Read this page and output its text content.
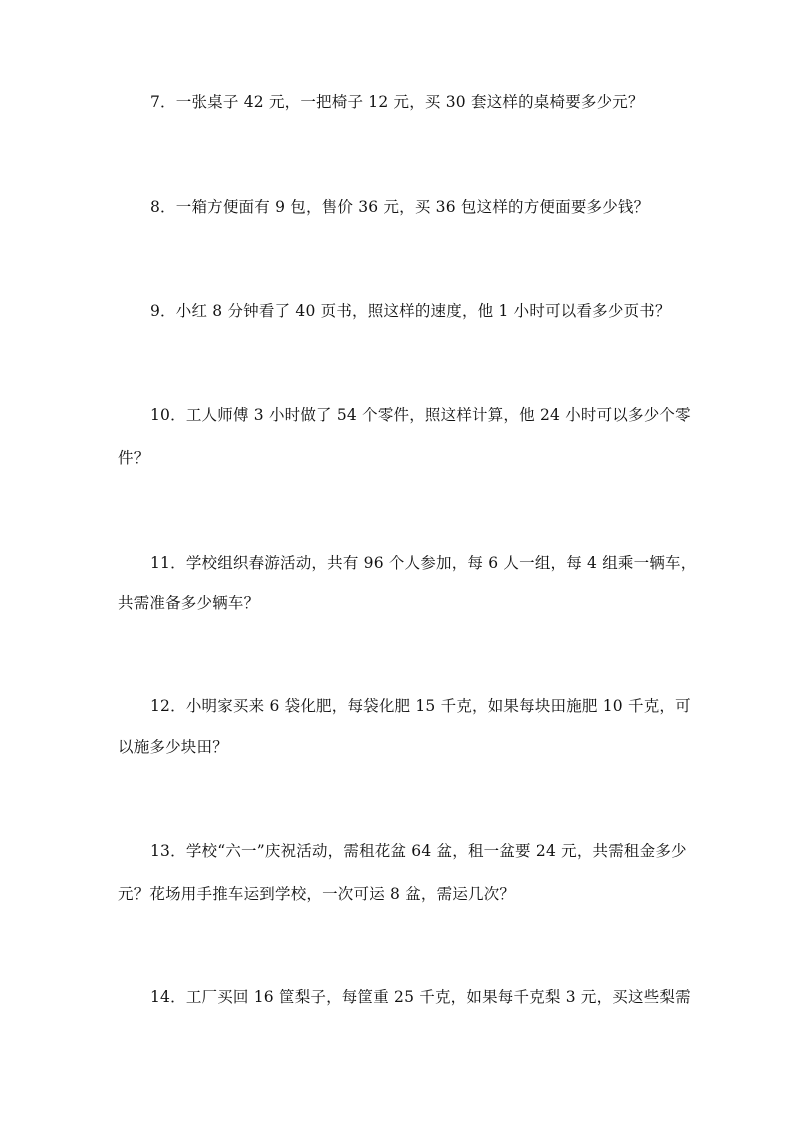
7．一张桌子 42 元，一把椅子 12 元，买 30 套这样的桌椅要多少元？
8．一箱方便面有 9 包，售价 36 元，买 36 包这样的方便面要多少钱？
9．小红 8 分钟看了 40 页书，照这样的速度，他 1 小时可以看多少页书？
10．工人师傅 3 小时做了 54 个零件，照这样计算，他 24 小时可以多少个零
件？
11．学校组织春游活动，共有 96 个人参加，每 6 人一组，每 4 组乘一辆车，
共需准备多少辆车？
12．小明家买来 6 袋化肥，每袋化肥 15 千克，如果每块田施肥 10 千克，可
以施多少块田？
13．学校“六一”庆祝活动，需租花盆 64 盆，租一盆要 24 元，共需租金多少
元？花场用手推车运到学校，一次可运 8 盆，需运几次？
14．工厂买回 16 筐梨子，每筐重 25 千克，如果每千克梨 3 元，买这些梨需
